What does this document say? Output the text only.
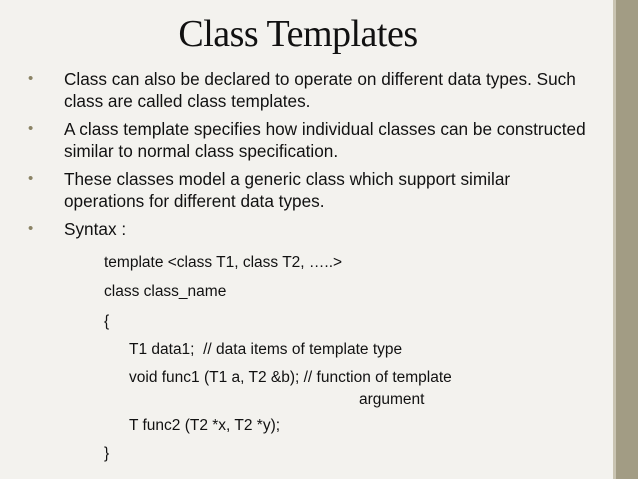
Class Templates
•	Class can also be declared to operate on different data types. Such class are called class templates.
•	A class template specifies how individual classes can be constructed similar to normal class specification.
•	These classes model a generic class which support similar operations for different data types.
•	Syntax :
template <class T1, class T2, …..>
class class_name
{
T1 data1;  // data items of template type
void func1 (T1 a, T2 &b); // function of template
argument
T func2 (T2 *x, T2 *y);
}
